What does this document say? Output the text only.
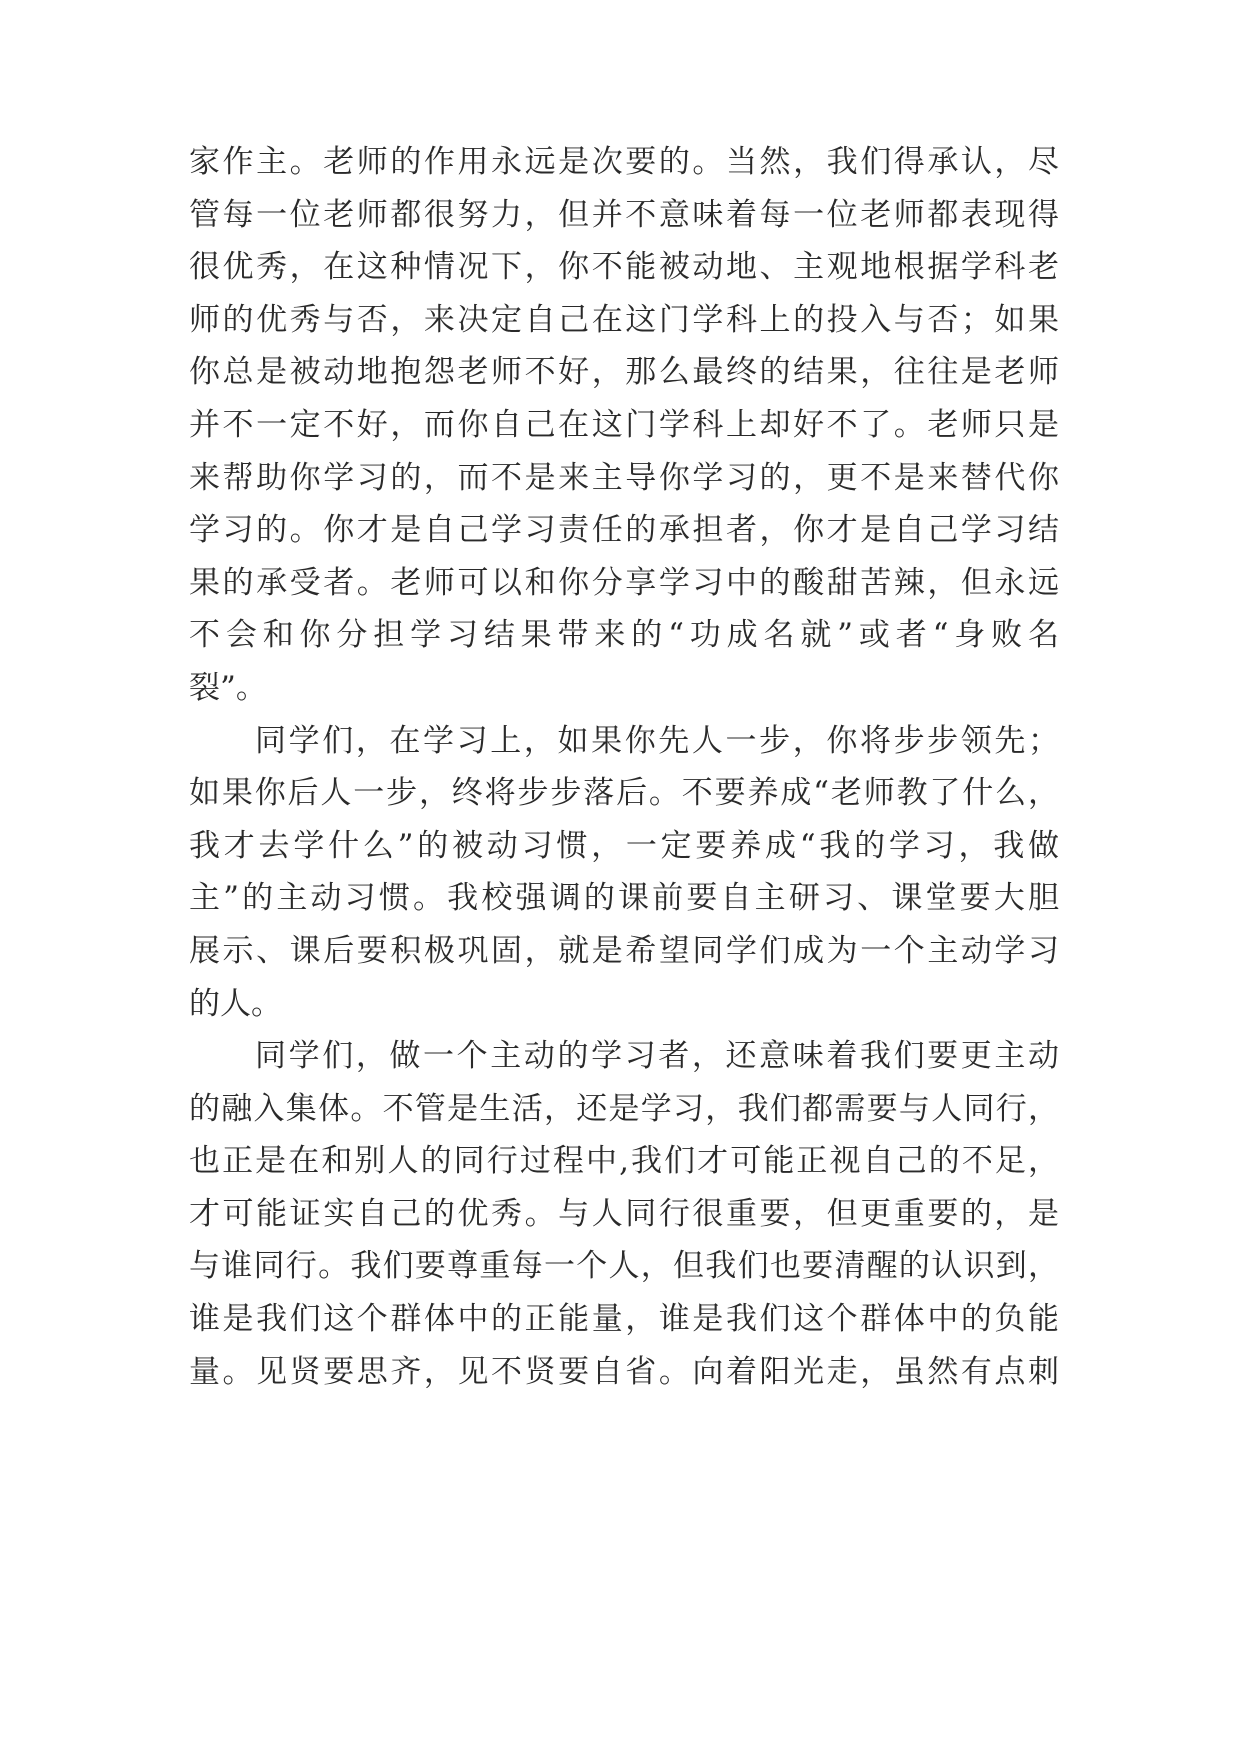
家作主。老师的作用永远是次要的。当然，我们得承认，尽
管每一位老师都很努力，但并不意味着每一位老师都表现得
很优秀，在这种情况下，你不能被动地、主观地根据学科老
师的优秀与否，来决定自己在这门学科上的投入与否；如果
你总是被动地抱怨老师不好，那么最终的结果，往往是老师
并不一定不好，而你自己在这门学科上却好不了。老师只是
来帮助你学习的，而不是来主导你学习的，更不是来替代你
学习的。你才是自己学习责任的承担者，你才是自己学习结
果的承受者。老师可以和你分享学习中的酸甜苦辣，但永远
不会和你分担学习结果带来的“功成名就”或者“身败名
裂”。
同学们，在学习上，如果你先人一步，你将步步领先；
如果你后人一步，终将步步落后。不要养成“老师教了什么，
我才去学什么”的被动习惯，一定要养成“我的学习，我做
主”的主动习惯。我校强调的课前要自主研习、课堂要大胆
展示、课后要积极巩固，就是希望同学们成为一个主动学习
的人。
同学们，做一个主动的学习者，还意味着我们要更主动
的融入集体。不管是生活，还是学习，我们都需要与人同行，
也正是在和别人的同行过程中,我们才可能正视自己的不足，
才可能证实自己的优秀。与人同行很重要，但更重要的，是
与谁同行。我们要尊重每一个人，但我们也要清醒的认识到，
谁是我们这个群体中的正能量，谁是我们这个群体中的负能
量。见贤要思齐，见不贤要自省。向着阳光走，虽然有点刺
